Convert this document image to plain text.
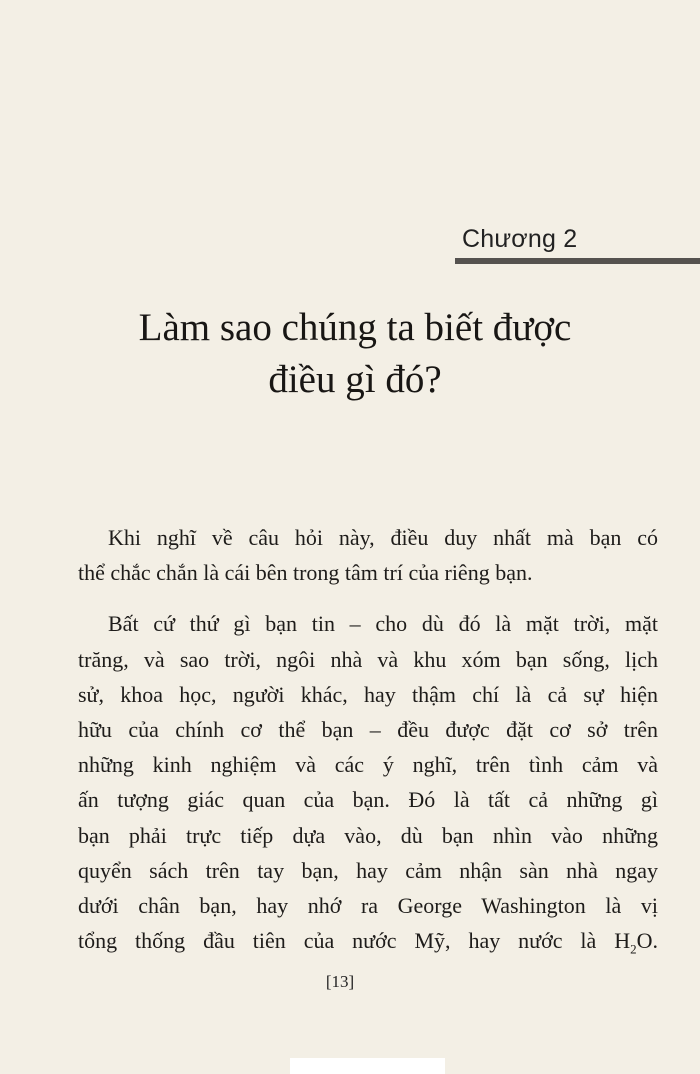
Chương 2
Làm sao chúng ta biết được
điều gì đó?
Khi nghĩ về câu hỏi này, điều duy nhất mà bạn có
thể chắc chắn là cái bên trong tâm trí của riêng bạn.
Bất cứ thứ gì bạn tin – cho dù đó là mặt trời, mặt
trăng, và sao trời, ngôi nhà và khu xóm bạn sống, lịch
sử, khoa học, người khác, hay thậm chí là cả sự hiện
hữu của chính cơ thể bạn – đều được đặt cơ sở trên
những kinh nghiệm và các ý nghĩ, trên tình cảm và
ấn tượng giác quan của bạn. Đó là tất cả những gì
bạn phải trực tiếp dựa vào, dù bạn nhìn vào những
quyển sách trên tay bạn, hay cảm nhận sàn nhà ngay
dưới chân bạn, hay nhớ ra George Washington là vị
tổng thống đầu tiên của nước Mỹ, hay nước là $H_2O$.
[13]
